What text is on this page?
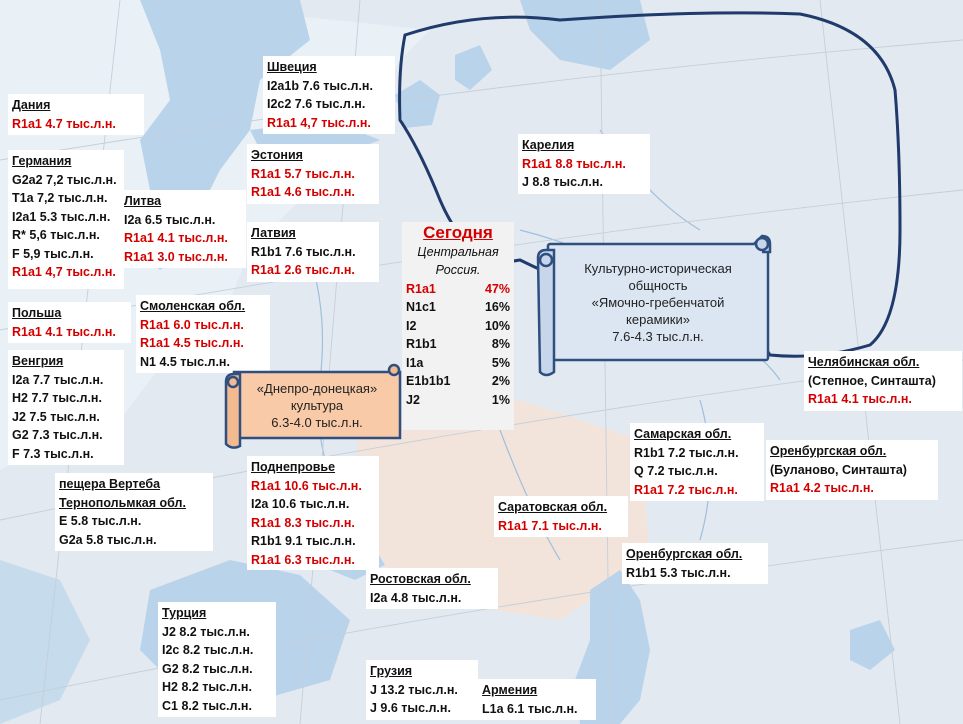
Дания
R1a1 4.7 тыс.л.н.
Германия
G2a2 7,2 тыс.л.н.
T1a 7,2 тыс.л.н.
I2a1 5.3 тыс.л.н.
R* 5,6 тыс.л.н.
F 5,9 тыс.л.н.
R1a1 4,7 тыс.л.н.
Литва
I2a 6.5 тыс.л.н.
R1a1 4.1 тыс.л.н.
R1a1 3.0 тыс.л.н.
Польша
R1a1 4.1 тыс.л.н.
Венгрия
I2a 7.7 тыс.л.н.
H2 7.7 тыс.л.н.
J2 7.5 тыс.л.н.
G2 7.3 тыс.л.н.
F 7.3 тыс.л.н.
Смоленская обл.
R1a1 6.0 тыс.л.н.
R1a1 4.5 тыс.л.н.
N1 4.5 тыс.л.н.
Швеция
I2a1b 7.6 тыс.л.н.
I2c2 7.6 тыс.л.н.
R1a1 4,7 тыс.л.н.
Эстония
R1a1 5.7 тыс.л.н.
R1a1 4.6 тыс.л.н.
Латвия
R1b1 7.6 тыс.л.н.
R1a1 2.6 тыс.л.н.
Карелия
R1a1 8.8 тыс.л.н.
J 8.8 тыс.л.н.
Челябинская обл.
(Степное, Синташта)
R1a1 4.1 тыс.л.н.
Самарская обл.
R1b1 7.2 тыс.л.н.
Q 7.2 тыс.л.н.
R1a1 7.2 тыс.л.н.
Оренбургская обл.
(Буланово, Синташта)
R1a1 4.2 тыс.л.н.
Саратовская обл.
R1a1 7.1 тыс.л.н.
Оренбургская обл.
R1b1 5.3 тыс.л.н.
Поднепровье
R1a1 10.6 тыс.л.н.
I2a 10.6 тыс.л.н.
R1a1 8.3 тыс.л.н.
R1b1 9.1 тыс.л.н.
R1a1 6.3 тыс.л.н.
Ростовская обл.
I2a 4.8 тыс.л.н.
пещера Вертеба
Тернопольмкая обл.
E 5.8 тыс.л.н.
G2a 5.8 тыс.л.н.
Турция
J2 8.2 тыс.л.н.
I2c 8.2 тыс.л.н.
G2 8.2 тыс.л.н.
H2 8.2 тыс.л.н.
C1 8.2 тыс.л.н.
Грузия
J 13.2 тыс.л.н.
J 9.6 тыс.л.н.
Армения
L1a 6.1 тыс.л.н.
Сегодня
Центральная
Россия.
R1a1	47%
N1c1	16%
I2	10%
R1b1	8%
I1a	5%
E1b1b1	2%
J2	1%
Культурно-историческая
общность
«Ямочно-гребенчатой
керамики»
7.6-4.3 тыс.л.н.
«Днепро-донецкая»
культура
6.3-4.0 тыс.л.н.
